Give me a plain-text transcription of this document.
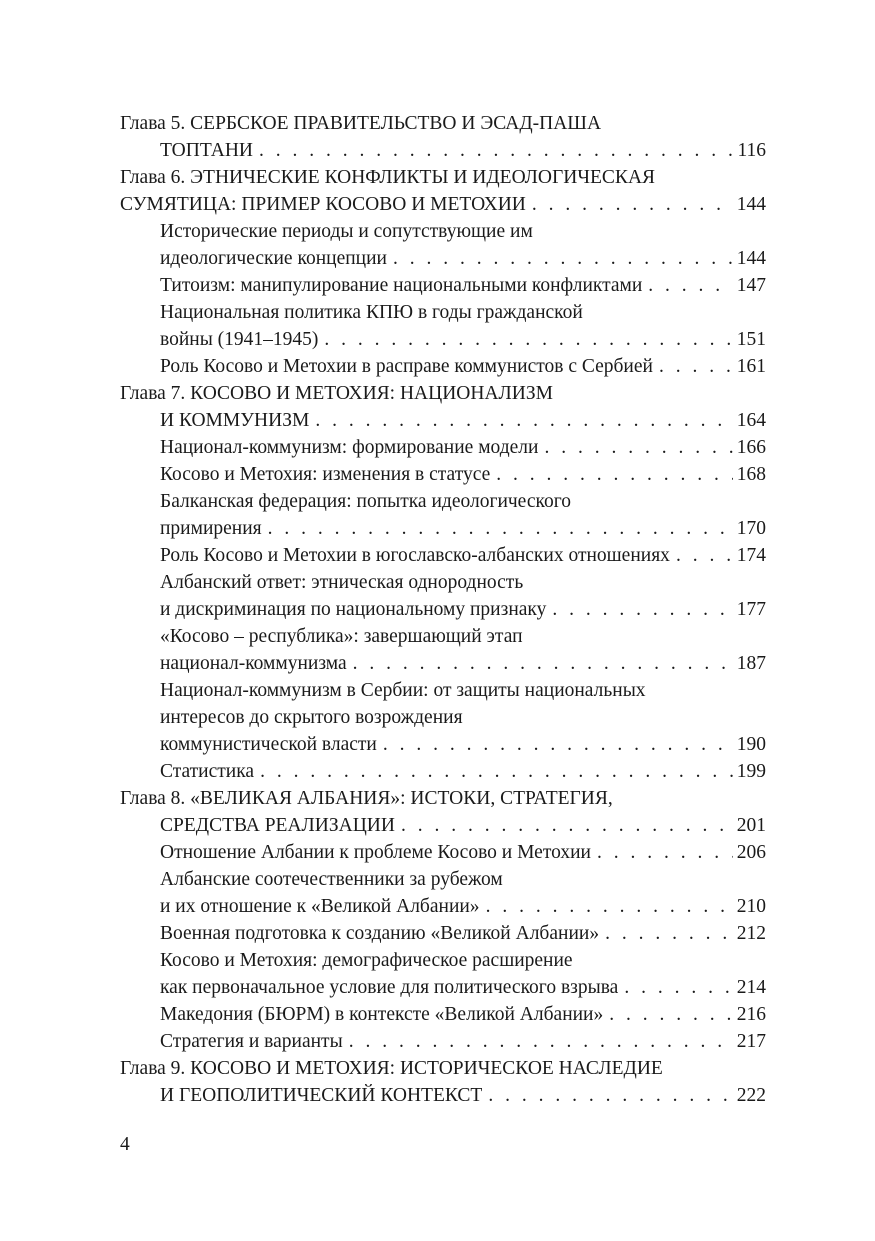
Глава 5. СЕРБСКОЕ ПРАВИТЕЛЬСТВО И ЭСАД-ПАША
ТОПТАНИ . . .	116
Глава 6. ЭТНИЧЕСКИЕ КОНФЛИКТЫ И ИДЕОЛОГИЧЕСКАЯ
СУМЯТИЦА: ПРИМЕР КОСОВО И МЕТОХИИ . . .	144
Исторические периоды и сопутствующие им
идеологические концепции . . .	144
Титоизм: манипулирование национальными конфликтами . . .	147
Национальная политика КПЮ в годы гражданской
войны (1941–1945) . . .	151
Роль Косово и Метохии в расправе коммунистов с Сербией . . .	161
Глава 7. КОСОВО И МЕТОХИЯ: НАЦИОНАЛИЗМ
И КОММУНИЗМ . . .	164
Национал-коммунизм: формирование модели . . .	166
Косово и Метохия: изменения в статусе . . .	168
Балканская федерация: попытка идеологического
примирения . . .	170
Роль Косово и Метохии в югославско-албанских отношениях . . .	174
Албанский ответ: этническая однородность
и дискриминация по национальному признаку . . .	177
«Косово – республика»: завершающий этап
национал-коммунизма . . .	187
Национал-коммунизм в Сербии: от защиты национальных
интересов до скрытого возрождения
коммунистической власти . . .	190
Статистика . . .	199
Глава 8. «ВЕЛИКАЯ АЛБАНИЯ»: ИСТОКИ, СТРАТЕГИЯ,
СРЕДСТВА РЕАЛИЗАЦИИ . . .	201
Отношение Албании к проблеме Косово и Метохии . . .	206
Албанские соотечественники за рубежом
и их отношение к «Великой Албании» . . .	210
Военная подготовка к созданию «Великой Албании» . . .	212
Косово и Метохия: демографическое расширение
как первоначальное условие для политического взрыва . . .	214
Македония (БЮРМ) в контексте «Великой Албании» . . .	216
Стратегия и варианты . . .	217
Глава 9. КОСОВО И МЕТОХИЯ: ИСТОРИЧЕСКОЕ НАСЛЕДИЕ
И ГЕОПОЛИТИЧЕСКИЙ КОНТЕКСТ . . .	222
4
